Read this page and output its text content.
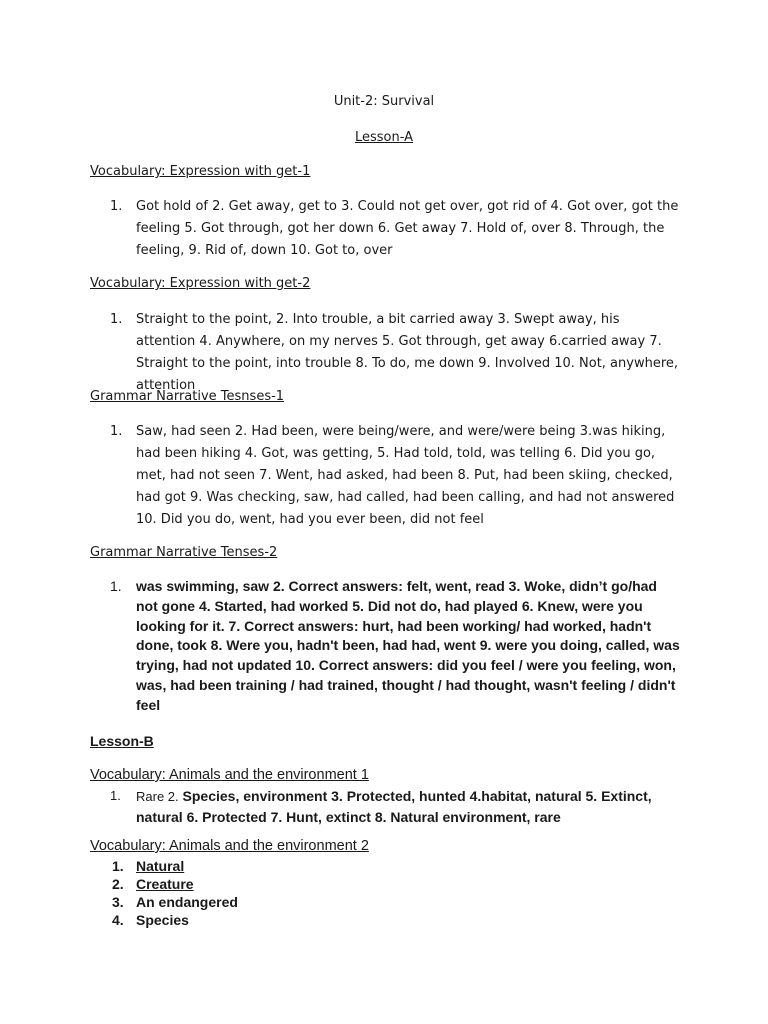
Unit-2: Survival
Lesson-A
Vocabulary: Expression with get-1
1. Got hold of 2. Get away, get to 3. Could not get over, got rid of 4. Got over, got the feeling 5. Got through, got her down 6. Get away 7. Hold of, over 8. Through, the feeling, 9. Rid of, down 10. Got to, over
Vocabulary: Expression with get-2
1. Straight to the point, 2. Into trouble, a bit carried away 3. Swept away, his attention 4. Anywhere, on my nerves 5. Got through, get away 6.carried away 7. Straight to the point, into trouble 8. To do, me down 9. Involved 10. Not, anywhere, attention
Grammar Narrative Tesnses-1
1. Saw, had seen 2. Had been, were being/were, and were/were being 3.was hiking, had been hiking 4. Got, was getting, 5. Had told, told, was telling 6. Did you go, met, had not seen 7. Went, had asked, had been 8. Put, had been skiing, checked, had got 9. Was checking, saw, had called, had been calling, and had not answered 10. Did you do, went, had you ever been, did not feel
Grammar Narrative Tenses-2
1. was swimming, saw 2. Correct answers: felt, went, read 3. Woke, didn’t go/had not gone 4. Started, had worked 5. Did not do, had played 6. Knew, were you looking for it. 7. Correct answers: hurt, had been working/ had worked, hadn't done, took 8. Were you, hadn't been, had had, went 9. were you doing, called, was trying, had not updated 10. Correct answers: did you feel / were you feeling, won, was, had been training / had trained, thought / had thought, wasn't feeling / didn't feel
Lesson-B
Vocabulary: Animals and the environment 1
1. Rare 2. Species, environment 3. Protected, hunted 4.habitat, natural 5. Extinct, natural 6. Protected 7. Hunt, extinct 8. Natural environment, rare
Vocabulary: Animals and the environment 2
1. Natural
2. Creature
3. An endangered
4. Species
